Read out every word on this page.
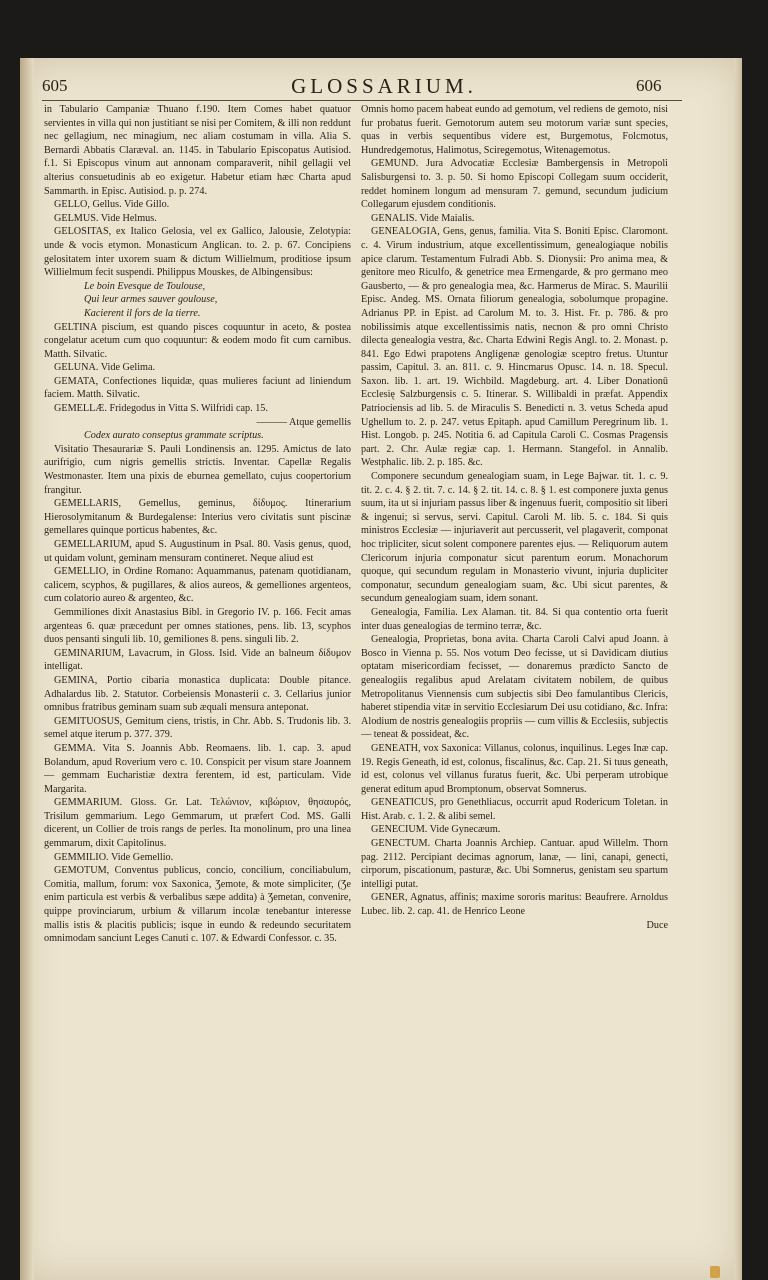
605	GLOSSARIUM.	606

in Tabulario Campaniæ Thuano f.190. Item Comes habet quatuor servientes in villa qui non justitiant se nisi per Comitem, & illi non reddunt nec gellagium, nec minagium, nec aliam costumam in villa. Alia S. Bernardi Abbatis Claræval. an. 1145. in Tabulario Episcopatus Autisiod. f.1. Si Episcopus vinum aut annonam comparaverit, nihil gellagii vel alterius consuetudinis ab eo exigetur. Habetur etiam hæc Charta apud Sammarth. in Episc. Autisiod. p. p. 274.

GELLO, Gellus. Vide Gillo.

GELMUS. Vide Helmus.

GELOSITAS, ex Italico Gelosia, vel ex Gallico, Jalousie, Zelotypia: unde & vocis etymon. Monasticum Anglican. to. 2. p. 67. Concipiens gelositatem inter uxorem suam & dictum Willielmum, proditiose ipsum Willielmum fecit suspendi. Philippus Mouskes, de Albingensibus:

Le boin Evesque de Toulouse,

Qui leur armes sauver goulouse,

Kacierent il fors de la tierre.

GELTINA piscium, est quando pisces coquuntur in aceto, & postea congelatur acetum cum quo coquuntur: & eodem modo fit cum carnibus. Matth. Silvatic.

GELUNA. Vide Gelima.

GEMATA, Confectiones liquidæ, quas mulieres faciunt ad liniendum faciem. Matth. Silvatic.

GEMELLÆ. Fridegodus in Vitta S. Wilfridi cap. 15.

——— Atque gemellis

Codex aurato conseptus grammate scriptus.

Visitatio Thesaurariæ S. Pauli Londinensis an. 1295. Amictus de lato aurifrigio, cum nigris gemellis strictis. Inventar. Capellæ Regalis Westmonaster. Item una pixis de eburnea gemellato, cujus coopertorium frangitur.

GEMELLARIS, Gemellus, geminus, δίδυμος. Itinerarium Hierosolymitanum & Burdegalense: Interius vero civitatis sunt piscinæ gemellares quinque porticus habentes, &c.

GEMELLARIUM, apud S. Augustinum in Psal. 80. Vasis genus, quod, ut quidam volunt, geminam mensuram contineret. Neque aliud est

GEMELLIO, in Ordine Romano: Aquammanus, patenam quotidianam, calicem, scyphos, & pugillares, & alios aureos, & gemelliones argenteos, cum colatorio aureo & argenteo, &c.

Gemmiliones dixit Anastasius Bibl. in Gregorio IV. p. 166. Fecit amas argenteas 6. quæ præcedunt per omnes stationes, pens. lib. 13, scyphos duos pensanti singuli lib. 10, gemiliones 8. pens. singuli lib. 2.

GEMINARIUM, Lavacrum, in Gloss. Isid. Vide an balneum δίδυμον intelligat.

GEMINA, Portio cibaria monastica duplicata: Double pitance. Adhalardus lib. 2. Statutor. Corbeiensis Monasterii c. 3. Cellarius junior omnibus fratribus geminam suam sub æquali mensura anteponat.

GEMITUOSUS, Gemitum ciens, tristis, in Chr. Abb. S. Trudonis lib. 3. semel atque iterum p. 377. 379.

GEMMA. Vita S. Joannis Abb. Reomaens. lib. 1. cap. 3. apud Bolandum, apud Roverium vero c. 10. Conspicit per visum stare Joannem — gemmam Eucharistiæ dextra ferentem, id est, particulam. Vide Margarita.

GEMMARIUM. Gloss. Gr. Lat. Τελώνιον, κιβώριον, θησαυρός, Trisilum gemmarium. Lego Gemmarum, ut præfert Cod. MS. Galli dicerent, un Collier de trois rangs de perles. Ita monolinum, pro una linea gemmarum, dixit Capitolinus.

GEMMILIO. Vide Gemellio.

GEMOTUM, Conventus publicus, concio, concilium, conciliabulum, Comitia, mallum, forum: vox Saxonica, Ʒemote, & mote simpliciter, (Ʒe enim particula est verbis & verbalibus sæpe addita) à Ʒemetan, convenire, quippe provinciarum, urbium & villarum incolæ tenebantur interesse mallis istis & placitis publicis; isque in eundo & redeundo securitatem omnimodam sanciunt Leges Canuti c. 107. & Edwardi Confessor. c. 35.

Omnis homo pacem habeat eundo ad gemotum, vel rediens de gemoto, nisi fur probatus fuerit. Gemotorum autem seu motorum variæ sunt species, quas in verbis sequentibus videre est, Burgemotus, Folcmotus, Hundredgemotus, Halimotus, Sciregemotus, Witenagemotus.

GEMUND. Jura Advocatiæ Ecclesiæ Bambergensis in Metropoli Salisburgensi to. 3. p. 50. Si homo Episcopi Collegam suum occiderit, reddet hominem longum ad mensuram 7. gemund, secundum judicium Collegarum ejusdem conditionis.

GENALIS. Vide Maialis.

GENEALOGIA, Gens, genus, familia. Vita S. Boniti Episc. Claromont. c. 4. Virum industrium, atque excellentissimum, genealogiaque nobilis apice clarum. Testamentum Fulradi Abb. S. Dionysii: Pro anima mea, & genitore meo Riculfo, & genetrice mea Ermengarde, & pro germano meo Gausberto, — & pro genealogia mea, &c. Harmerus de Mirac. S. Maurilii Episc. Andeg. MS. Ornata filiorum genealogia, sobolumque propagine. Adrianus PP. in Epist. ad Carolum M. to. 3. Hist. Fr. p. 786. & pro nobilissimis atque excellentissimis natis, necnon & pro omni Christo dilecta genealogia vestra, &c. Charta Edwini Regis Angl. to. 2. Monast. p. 841. Ego Edwi prapotens Anglig​enæ genologiæ sceptro fretus. Utuntur passim, Capitul. 3. an. 811. c. 9. Hincmarus Opusc. 14. n. 18. Specul. Saxon. lib. 1. art. 19. Wichbild. Magdeburg. art. 4. Liber Donationū Ecclesię Salzburgensis c. 5. Itinerar. S. Willibaldi in præfat. Appendix Patriociensis ad lib. 5. de Miraculis S. Benedicti n. 3. vetus Scheda apud Ughellum to. 2. p. 247. vetus Epitaph. apud Camillum Peregrinum lib. 1. Hist. Longob. p. 245. Notitia 6. ad Capitula Caroli C. Cosmas Pragensis part. 2. Chr. Aulæ regiæ cap. 1. Hermann. Stangefol. in Annalib. Westphalic. lib. 2. p. 185. &c.

Componere secundum genealogiam suam, in Lege Bajwar. tit. 1. c. 9. tit. 2. c. 4. § 2. tit. 7. c. 14. § 2. tit. 14. c. 8. § 1. est componere juxta genus suum, ita ut si injuriam passus liber & ingenuus fuerit, compositio sit liberi & ingenui; si servus, servi. Capitul. Caroli M. lib. 5. c. 184. Si quis ministros Ecclesiæ — injuriaverit aut percusserit, vel plagaverit, componat hoc tripliciter, sicut solent componere parentes ejus. — Reliquorum autem Clericorum injuria componatur sicut parentum eorum. Monachorum quoque, qui secundum regulam in Monasterio vivunt, injuria dupliciter componatur, secundum genealogiam suam, &c. Ubi sicut parentes, & secundum genealogiam suam, idem sonant.

Genealogia, Familia. Lex Alaman. tit. 84. Si qua contentio orta fuerit inter duas genealogias de termino terræ, &c.

Genealogia, Proprietas, bona avita. Charta Caroli Calvi apud Joann. à Bosco in Vienna p. 55. Nos votum Deo fecisse, ut si Davidicam diutius optatam misericordiam fecisset, — donaremus prædicto Sancto de genealogiis regalibus apud Arelatam civitatem nobilem, de quibus Metropolitanus Viennensis cum subjectis sibi Deo famulantibus Clericis, haberet stipendia vitæ in servitio Ecclesiarum Dei usu cotidiano, &c. Infra: Alodium de nostris genealogiis propriis — cum villis & Ecclesiis, subjectis — teneat & possideat, &c.

GENEATH, vox Saxonica: Villanus, colonus, inquilinus. Leges Inæ cap. 19. Regis Geneath, id est, colonus, fiscalinus, &c. Cap. 21. Si tuus geneath, id est, colonus vel villanus furatus fuerit, &c. Ubi perperam utrobique generat editum apud Bromptonum, observat Somnerus.

GENEATICUS, pro Genethliacus, occurrit apud Rodericum Toletan. in Hist. Arab. c. 1. 2. & alibi semel.

GENECIUM. Vide Gynecæum.

GENECTUM. Charta Joannis Archiep. Cantuar. apud Willelm. Thorn pag. 2112. Percipiant decimas agnorum, lanæ, — lini, canapi, genecti, cirporum, piscationum, pasturæ, &c. Ubi Somnerus, genistam seu spartum intelligi putat.

GENER, Agnatus, affinis; maxime sororis maritus: Beaufrere. Arnoldus Lubec. lib. 2. cap. 41. de Henrico Leone

Duce
